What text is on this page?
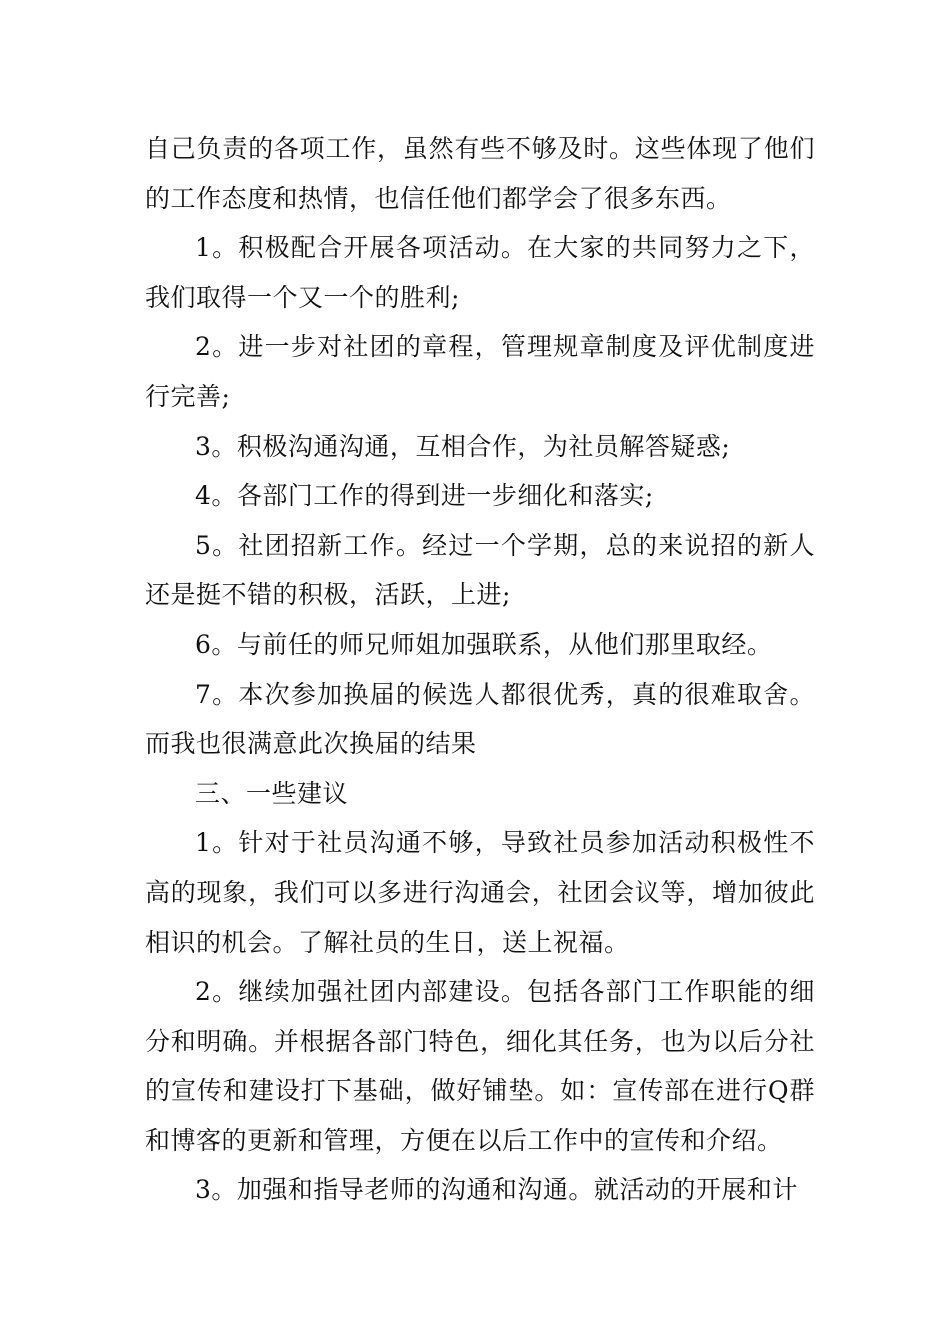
自己负责的各项工作，虽然有些不够及时。这些体现了他们的工作态度和热情，也信任他们都学会了很多东西。

1。积极配合开展各项活动。在大家的共同努力之下，我们取得一个又一个的胜利;

2。进一步对社团的章程，管理规章制度及评优制度进行完善;

3。积极沟通沟通，互相合作，为社员解答疑惑;

4。各部门工作的得到进一步细化和落实;

5。社团招新工作。经过一个学期，总的来说招的新人还是挺不错的积极，活跃，上进;

6。与前任的师兄师姐加强联系，从他们那里取经。

7。本次参加换届的候选人都很优秀，真的很难取舍。而我也很满意此次换届的结果

三、一些建议

1。针对于社员沟通不够，导致社员参加活动积极性不高的现象，我们可以多进行沟通会，社团会议等，增加彼此相识的机会。了解社员的生日，送上祝福。

2。继续加强社团内部建设。包括各部门工作职能的细分和明确。并根据各部门特色，细化其任务，也为以后分社的宣传和建设打下基础，做好铺垫。如：宣传部在进行Q群和博客的更新和管理，方便在以后工作中的宣传和介绍。

3。加强和指导老师的沟通和沟通。就活动的开展和计
